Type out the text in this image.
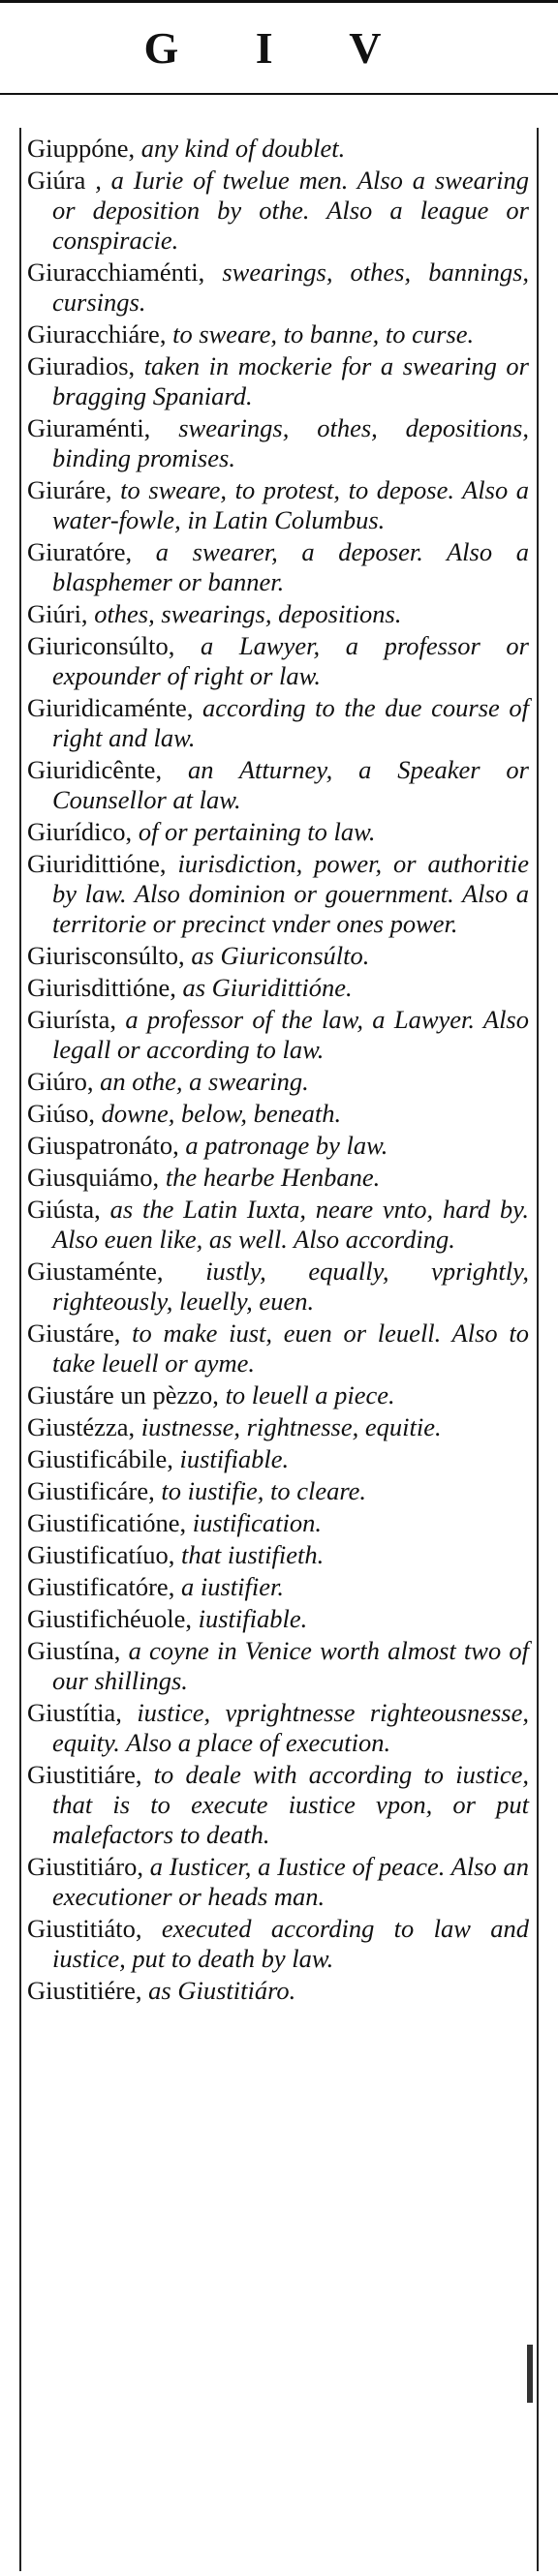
G I V
Giuppóne, any kind of doublet.
Giúra , a Iurie of twelue men. Also a swearing or deposition by othe. Also a league or conspiracie.
Giuracchiaménti, swearings, othes, bannings, cursings.
Giuracchiáre, to sweare, to banne, to curse.
Giuradios, taken in mockerie for a swearing or bragging Spaniard.
Giuraménti, swearings, othes, depositions, binding promises.
Giuráre, to sweare, to protest, to depose. Also a water-fowle, in Latin Columbus.
Giuratóre, a swearer, a deposer. Also a blasphemer or banner.
Giúri, othes, swearings, depositions.
Giuriconsúlto, a Lawyer, a professor or expounder of right or law.
Giuridicaménte, according to the due course of right and law.
Giuridicênte, an Atturney, a Speaker or Counsellor at law.
Giurídico, of or pertaining to law.
Giuridittióne, iurisdiction, power, or authoritie by law. Also dominion or gouernment. Also a territorie or precinct vnder ones power.
Giurisconsúlto, as Giuriconsúlto.
Giurisdittióne, as Giuridittióne.
Giurísta, a professor of the law, a Lawyer. Also legall or according to law.
Giúro, an othe, a swearing.
Giúso, downe, below, beneath.
Giuspatronáto, a patronage by law.
Giusquiámo, the hearbe Henbane.
Giústa, as the Latin Iuxta, neare vnto, hard by. Also euen like, as well. Also according.
Giustaménte, iustly, equally, vprightly, righteously, leuelly, euen.
Giustáre, to make iust, euen or leuell. Also to take leuell or ayme.
Giustáre un pèzzo, to leuell a piece.
Giustézza, iustnesse, rightnesse, equitie.
Giustificábile, iustifiable.
Giustificáre, to iustifie, to cleare.
Giustificatióne, iustification.
Giustificatíuo, that iustifieth.
Giustificatóre, a iustifier.
Giustifichéuole, iustifiable.
Giustína, a coyne in Venice worth almost two of our shillings.
Giustítia, iustice, vprightnesse righteousnesse, equity. Also a place of execution.
Giustitiáre, to deale with according to iustice, that is to execute iustice vpon, or put malefactors to death.
Giustitiáro, a Iusticer, a Iustice of peace. Also an executioner or heads man.
Giustitiáto, executed according to law and iustice, put to death by law.
Giustitiére, as Giustitiáro.
